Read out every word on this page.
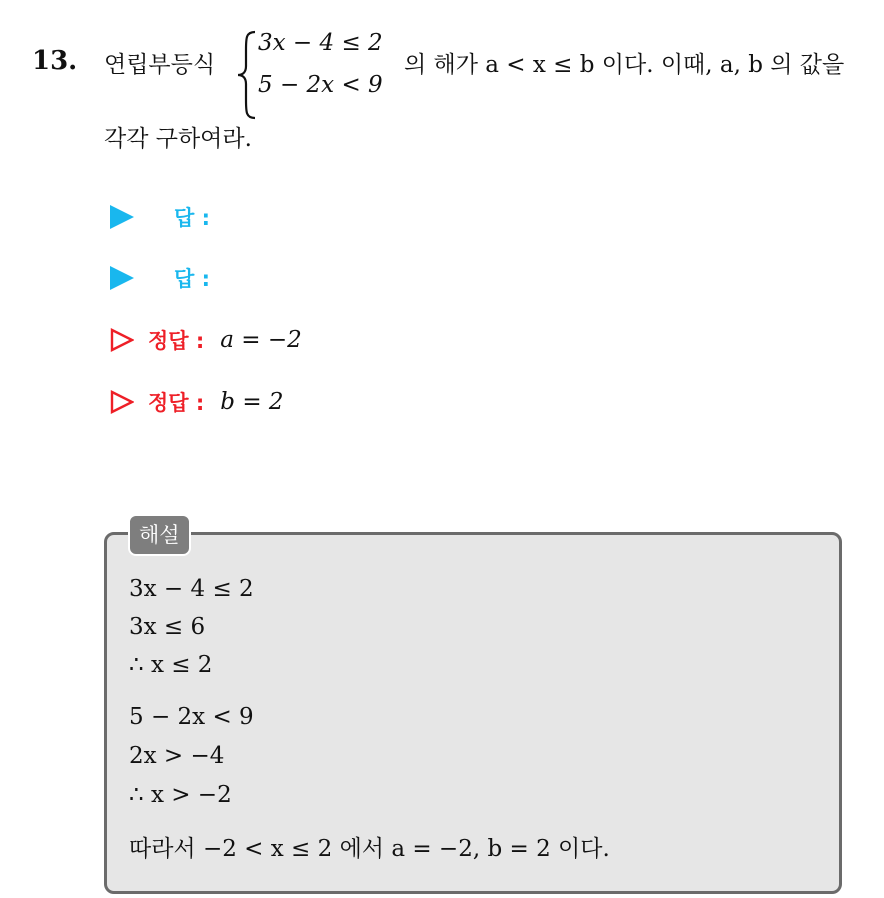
13. 연립부등식
3x − 4 ≤ 2
5 − 2x < 9
의 해가 a < x ≤ b 이다. 이때, a, b 의 값을
각각 구하여라.
답 :
답 :
정답 : a = −2
정답 : b = 2
해설
3x − 4 ≤ 2
3x ≤ 6
∴ x ≤ 2
5 − 2x < 9
2x > −4
∴ x > −2
따라서 −2 < x ≤ 2 에서 a = −2, b = 2 이다.
